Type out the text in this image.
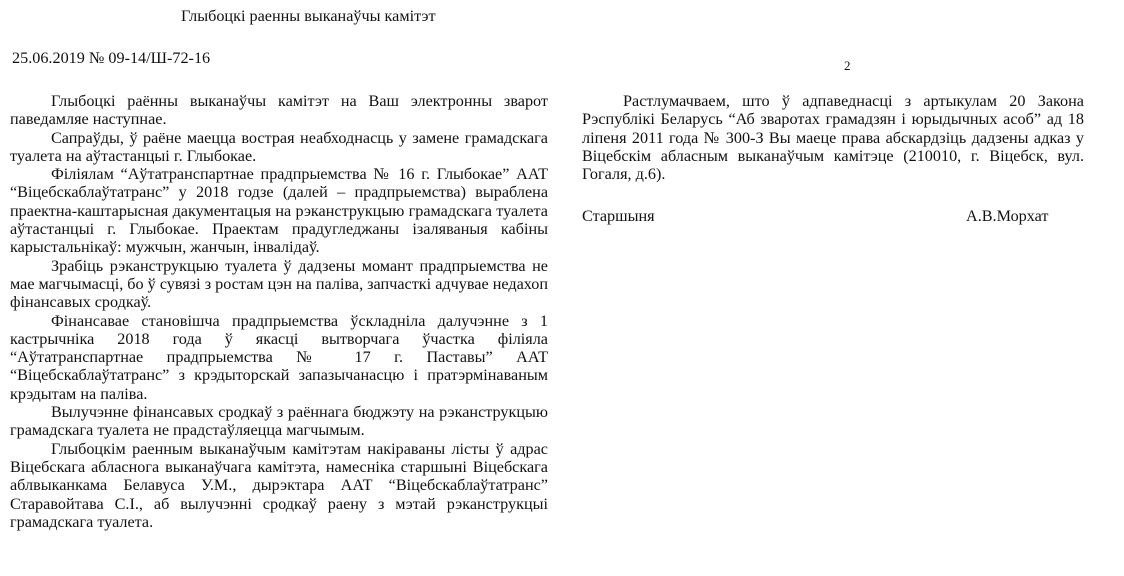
Глыбоцкі раенны выканаўчы камітэт
25.06.2019 № 09-14/Ш-72-16

Глыбоцкі раённы выканаўчы камітэт на Ваш электронны зварот паведамляе наступнае.

Сапраўды, ў раёне маецца вострая неабходнасць у замене грамадскага туалета на аўтастанцыі г. Глыбокае.

Філіялам “Аўтатранспартнае прадпрыемства № 16 г. Глыбокае” ААТ “Віцебскаблаўтатранс” у 2018 годзе (далей – прадпрыемства) выраблена праектна-каштарысная дакументацыя на рэканструкцыю грамадскага туалета аўтастанцыі г. Глыбокае. Праектам прадугледжаны ізаляваныя кабіны карыстальнікаў: мужчын, жанчын, інвалідаў.

Зрабіць рэканструкцыю туалета ў дадзены момант прадпрыемства не мае магчымасці, бо ў сувязі з ростам цэн на паліва, запчасткі адчувае недахоп фінансавых сродкаў.

Фінансавае становішча прадпрыемства ўскладніла далучэнне з 1 кастрычніка 2018 года ў якасці вытворчага ўчастка філіяла “Аўтатранспартнае прадпрыемства № 17 г. Паставы” ААТ “Віцебскаблаўтатранс” з крэдыторскай запазычанасцю і пратэрмінаваным крэдытам на паліва.

Вылучэнне фінансавых сродкаў з раённага бюджэту на рэканструкцыю грамадскага туалета не прадстаўляецца магчымым.

Глыбоцкім раенным выканаўчым камітэтам накіраваны лісты ў адрас Віцебскага абласнога выканаўчага камітэта, намесніка старшыні Віцебскага аблвыканкама Белавуса У.М., дырэктара ААТ “Віцебскаблаўтатранс” Старавойтава С.І., аб вылучэнні сродкаў раену з мэтай рэканструкцыі грамадскага туалета.

2

Растлумачваем, што ў адпаведнасці з артыкулам 20 Закона Рэспублікі Беларусь “Аб зваротах грамадзян і юрыдычных асоб” ад 18 ліпеня 2011 года № 300-З Вы маеце права абскардзіць дадзены адказ у Віцебскім абласным выканаўчым камітэце (210010, г. Віцебск, вул. Гогаля, д.6).

Старшыня	А.В.Морхат
